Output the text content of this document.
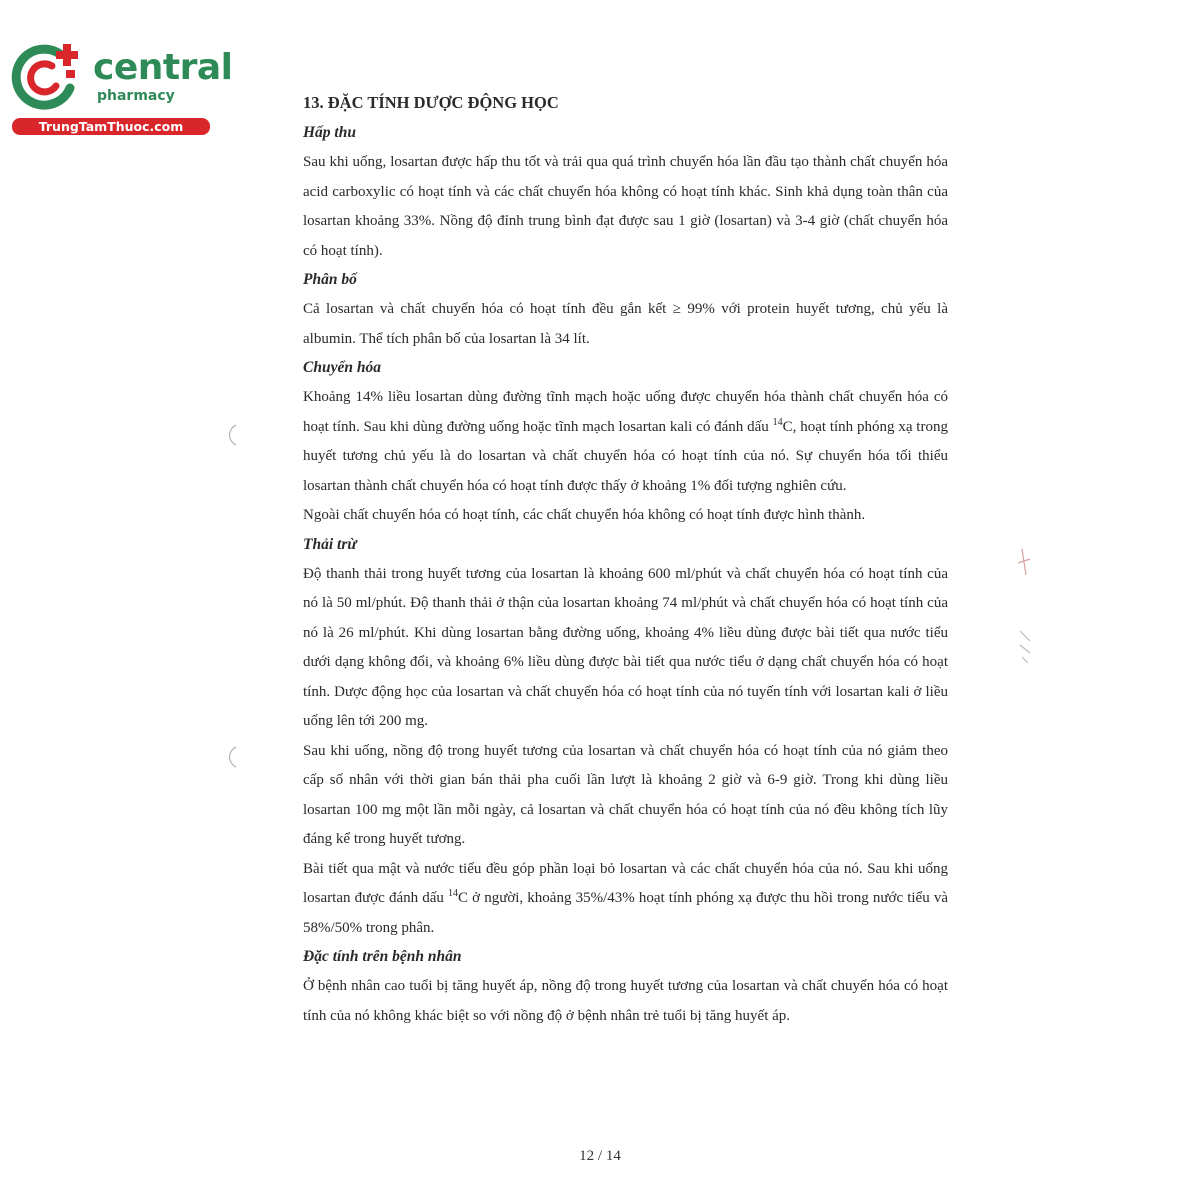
central
pharmacy
TrungTamThuoc.com
13. ĐẶC TÍNH DƯỢC ĐỘNG HỌC
Hấp thu

Sau khi uống, losartan được hấp thu tốt và trải qua quá trình chuyển hóa lần đầu tạo thành chất chuyển hóa acid carboxylic có hoạt tính và các chất chuyển hóa không có hoạt tính khác. Sinh khả dụng toàn thân của losartan khoảng 33%. Nồng độ đỉnh trung bình đạt được sau 1 giờ (losartan) và 3-4 giờ (chất chuyển hóa có hoạt tính).

Phân bố

Cả losartan và chất chuyển hóa có hoạt tính đều gắn kết ≥ 99% với protein huyết tương, chủ yếu là albumin. Thể tích phân bố của losartan là 34 lít.

Chuyển hóa

Khoảng 14% liều losartan dùng đường tĩnh mạch hoặc uống được chuyển hóa thành chất chuyển hóa có hoạt tính. Sau khi dùng đường uống hoặc tĩnh mạch losartan kali có đánh dấu $^{14}$C, hoạt tính phóng xạ trong huyết tương chủ yếu là do losartan và chất chuyển hóa có hoạt tính của nó. Sự chuyển hóa tối thiểu losartan thành chất chuyển hóa có hoạt tính được thấy ở khoảng 1% đối tượng nghiên cứu.

Ngoài chất chuyển hóa có hoạt tính, các chất chuyển hóa không có hoạt tính được hình thành.

Thải trừ

Độ thanh thải trong huyết tương của losartan là khoảng 600 ml/phút và chất chuyển hóa có hoạt tính của nó là 50 ml/phút. Độ thanh thải ở thận của losartan khoảng 74 ml/phút và chất chuyển hóa có hoạt tính của nó là 26 ml/phút. Khi dùng losartan bằng đường uống, khoảng 4% liều dùng được bài tiết qua nước tiểu dưới dạng không đổi, và khoảng 6% liều dùng được bài tiết qua nước tiểu ở dạng chất chuyển hóa có hoạt tính. Dược động học của losartan và chất chuyển hóa có hoạt tính của nó tuyến tính với losartan kali ở liều uống lên tới 200 mg.

Sau khi uống, nồng độ trong huyết tương của losartan và chất chuyển hóa có hoạt tính của nó giảm theo cấp số nhân với thời gian bán thải pha cuối lần lượt là khoảng 2 giờ và 6-9 giờ. Trong khi dùng liều losartan 100 mg một lần mỗi ngày, cả losartan và chất chuyển hóa có hoạt tính của nó đều không tích lũy đáng kể trong huyết tương.

Bài tiết qua mật và nước tiểu đều góp phần loại bỏ losartan và các chất chuyển hóa của nó. Sau khi uống losartan được đánh dấu $^{14}$C ở người, khoảng 35%/43% hoạt tính phóng xạ được thu hồi trong nước tiểu và 58%/50% trong phân.

Đặc tính trên bệnh nhân

Ở bệnh nhân cao tuổi bị tăng huyết áp, nồng độ trong huyết tương của losartan và chất chuyển hóa có hoạt tính của nó không khác biệt so với nồng độ ở bệnh nhân trẻ tuổi bị tăng huyết áp.

12 / 14
